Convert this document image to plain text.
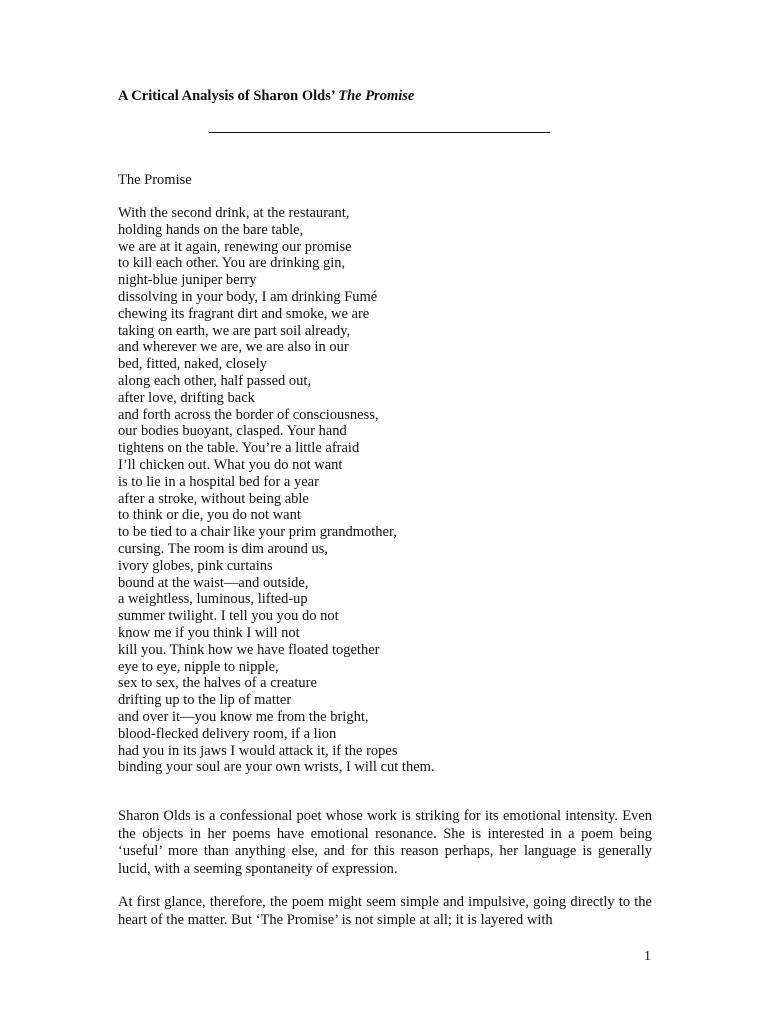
A Critical Analysis of Sharon Olds’ The Promise

The Promise

With the second drink, at the restaurant,
holding hands on the bare table,
we are at it again, renewing our promise
to kill each other. You are drinking gin,
night-blue juniper berry
dissolving in your body, I am drinking Fumé
chewing its fragrant dirt and smoke, we are
taking on earth, we are part soil already,
and wherever we are, we are also in our
bed, fitted, naked, closely
along each other, half passed out,
after love, drifting back
and forth across the border of consciousness,
our bodies buoyant, clasped. Your hand
tightens on the table. You’re a little afraid
I’ll chicken out. What you do not want
is to lie in a hospital bed for a year
after a stroke, without being able
to think or die, you do not want
to be tied to a chair like your prim grandmother,
cursing. The room is dim around us,
ivory globes, pink curtains
bound at the waist—and outside,
a weightless, luminous, lifted-up
summer twilight. I tell you you do not
know me if you think I will not
kill you. Think how we have floated together
eye to eye, nipple to nipple,
sex to sex, the halves of a creature
drifting up to the lip of matter
and over it—you know me from the bright,
blood-flecked delivery room, if a lion
had you in its jaws I would attack it, if the ropes
binding your soul are your own wrists, I will cut them.

Sharon Olds is a confessional poet whose work is striking for its emotional intensity. Even the objects in her poems have emotional resonance. She is interested in a poem being ‘useful’ more than anything else, and for this reason perhaps, her language is generally lucid, with a seeming spontaneity of expression.

At first glance, therefore, the poem might seem simple and impulsive, going directly to the heart of the matter. But ‘The Promise’ is not simple at all; it is layered with

1
